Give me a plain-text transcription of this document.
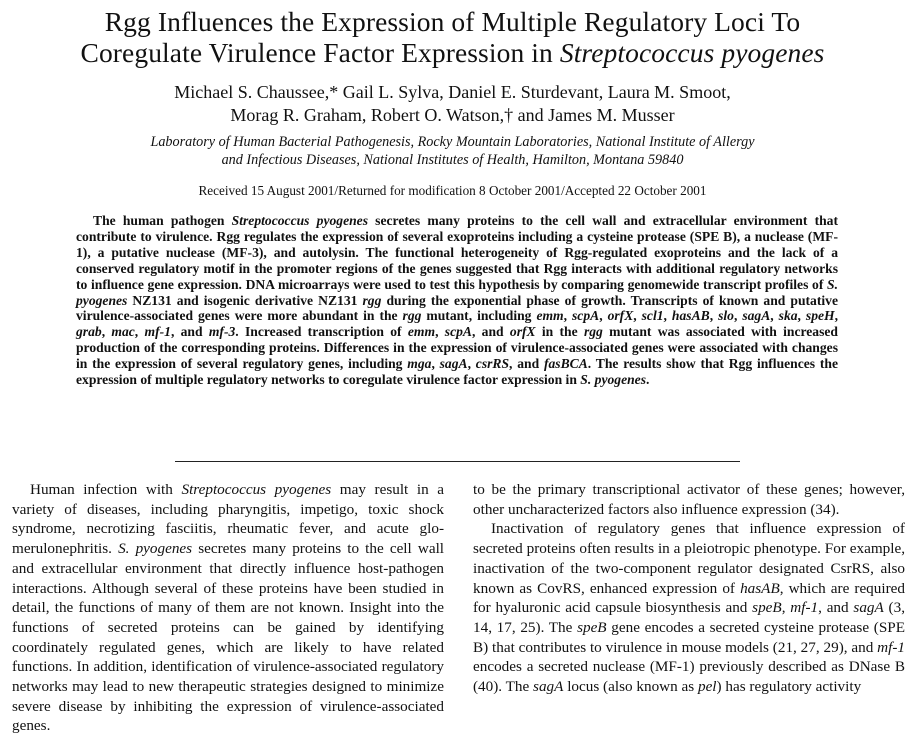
Rgg Influences the Expression of Multiple Regulatory Loci To
Coregulate Virulence Factor Expression in Streptococcus pyogenes
Michael S. Chaussee,* Gail L. Sylva, Daniel E. Sturdevant, Laura M. Smoot,
Morag R. Graham, Robert O. Watson,† and James M. Musser
Laboratory of Human Bacterial Pathogenesis, Rocky Mountain Laboratories, National Institute of Allergy
and Infectious Diseases, National Institutes of Health, Hamilton, Montana 59840
Received 15 August 2001/Returned for modification 8 October 2001/Accepted 22 October 2001

The human pathogen Streptococcus pyogenes secretes many proteins to the cell wall and extracellular environment that contribute to virulence. Rgg regulates the expression of several exoproteins including a cysteine protease (SPE B), a nuclease (MF-1), a putative nuclease (MF-3), and autolysin. The functional heterogeneity of Rgg-regulated exoproteins and the lack of a conserved regulatory motif in the promoter regions of the genes suggested that Rgg interacts with additional regulatory networks to influence gene expression. DNA microarrays were used to test this hypothesis by comparing genomewide transcript profiles of S. pyogenes NZ131 and isogenic derivative NZ131 rgg during the exponential phase of growth. Transcripts of known and putative virulence-associated genes were more abundant in the rgg mutant, including emm, scpA, orfX, scl1, hasAB, slo, sagA, ska, speH, grab, mac, mf-1, and mf-3. Increased transcription of emm, scpA, and orfX in the rgg mutant was associated with increased production of the corresponding proteins. Differences in the expression of virulence-associated genes were associated with changes in the expression of several regulatory genes, including mga, sagA, csrRS, and fasBCA. The results show that Rgg influences the expression of multiple regulatory networks to coregulate virulence factor expression in S. pyogenes.

Human infection with Streptococcus pyogenes may result in a variety of diseases, including pharyngitis, impetigo, toxic shock syndrome, necrotizing fasciitis, rheumatic fever, and acute glomerulonephritis. S. pyogenes secretes many proteins to the cell wall and extracellular environment that directly influence host-pathogen interactions. Although several of these proteins have been studied in detail, the functions of many of them are not known. Insight into the functions of secreted proteins can be gained by identifying coordinately regulated genes, which are likely to have related functions. In addition, identification of virulence-associated regulatory networks may lead to new therapeutic strategies designed to minimize severe disease by inhibiting the expression of virulence-associated genes.

to be the primary transcriptional activator of these genes; however, other uncharacterized factors also influence expression (34).

Inactivation of regulatory genes that influence expression of secreted proteins often results in a pleiotropic phenotype. For example, inactivation of the two-component regulator designated CsrRS, also known as CovRS, enhanced expression of hasAB, which are required for hyaluronic acid capsule biosynthesis and speB, mf-1, and sagA (3, 14, 17, 25). The speB gene encodes a secreted cysteine protease (SPE B) that contributes to virulence in mouse models (21, 27, 29), and mf-1 encodes a secreted nuclease (MF-1) previously described as DNase B (40). The sagA locus (also known as pel) has regulatory activity
